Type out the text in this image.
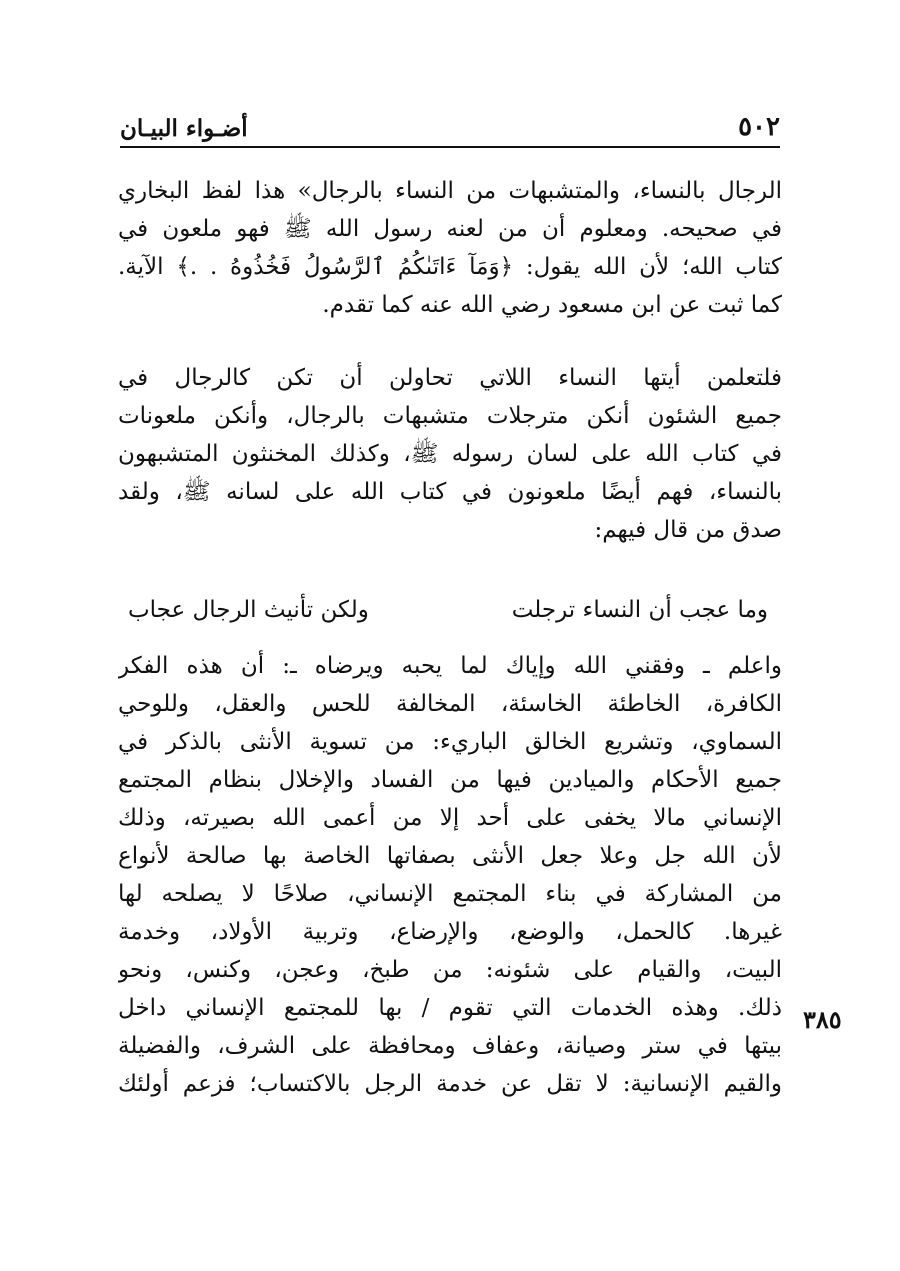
٥٠٢
أضـواء البيـان
الرجال بالنساء، والمتشبهات من النساء بالرجال» هذا لفظ البخاري
في صحيحه. ومعلوم أن من لعنه رسول الله ﷺ فهو ملعون في
كتاب الله؛ لأن الله يقول: ﴿وَمَآ ءَاتَىٰكُمُ ٱلرَّسُولُ فَخُذُوهُ . .﴾ الآية.
كما ثبت عن ابن مسعود رضي الله عنه كما تقدم.
فلتعلمن أيتها النساء اللاتي تحاولن أن تكن كالرجال في
جميع الشئون أنكن مترجلات متشبهات بالرجال، وأنكن ملعونات
في كتاب الله على لسان رسوله ﷺ، وكذلك المخنثون المتشبهون
بالنساء، فهم أيضًا ملعونون في كتاب الله على لسانه ﷺ، ولقد
صدق من قال فيهم:
وما عجب أن النساء ترجلت
ولكن تأنيث الرجال عجاب
واعلم ـ وفقني الله وإياك لما يحبه ويرضاه ـ: أن هذه الفكر
الكافرة، الخاطئة الخاسئة، المخالفة للحس والعقل، وللوحي
السماوي، وتشريع الخالق الباريء: من تسوية الأنثى بالذكر في
جميع الأحكام والميادين فيها من الفساد والإخلال بنظام المجتمع
الإنساني مالا يخفى على أحد إلا من أعمى الله بصيرته، وذلك
لأن الله جل وعلا جعل الأنثى بصفاتها الخاصة بها صالحة لأنواع
من المشاركة في بناء المجتمع الإنساني، صلاحًا لا يصلحه لها
غيرها. كالحمل، والوضع، والإرضاع، وتربية الأولاد، وخدمة
البيت، والقيام على شئونه: من طبخ، وعجن، وكنس، ونحو
ذلك. وهذه الخدمات التي تقوم / بها للمجتمع الإنساني داخل
بيتها في ستر وصيانة، وعفاف ومحافظة على الشرف، والفضيلة
والقيم الإنسانية: لا تقل عن خدمة الرجل بالاكتساب؛ فزعم أولئك
٣٨٥
